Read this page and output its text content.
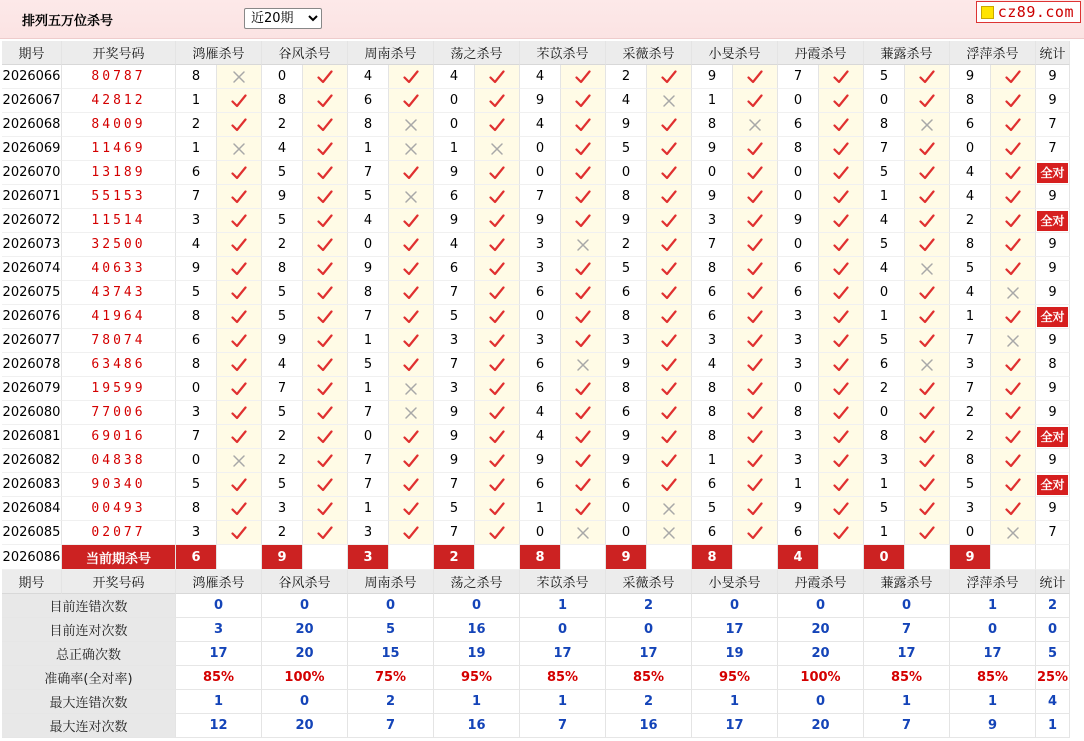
排列五万位杀号
近20期
cz89.com
期号	开奖号码	鸿雁杀号		谷风杀号		周南杀号		荡之杀号		芣苡杀号		采薇杀号		小旻杀号		丹霞杀号		蒹露杀号		浮萍杀号		统计
2026066	80787	8		0		4		4		4		2		9		7		5		9		9
2026067	42812	1		8		6		0		9		4		1		0		0		8		9
2026068	84009	2		2		8		0		4		9		8		6		8		6		7
2026069	11469	1		4		1		1		0		5		9		8		7		0		7
2026070	13189	6		5		7		9		0		0		0		0		5		4		全对
2026071	55153	7		9		5		6		7		8		9		0		1		4		9
2026072	11514	3		5		4		9		9		9		3		9		4		2		全对
2026073	32500	4		2		0		4		3		2		7		0		5		8		9
2026074	40633	9		8		9		6		3		5		8		6		4		5		9
2026075	43743	5		5		8		7		6		6		6		6		0		4		9
2026076	41964	8		5		7		5		0		8		6		3		1		1		全对
2026077	78074	6		9		1		3		3		3		3		3		5		7		9
2026078	63486	8		4		5		7		6		9		4		3		6		3		8
2026079	19599	0		7		1		3		6		8		8		0		2		7		9
2026080	77006	3		5		7		9		4		6		8		8		0		2		9
2026081	69016	7		2		0		9		4		9		8		3		8		2		全对
2026082	04838	0		2		7		9		9		9		1		3		3		8		9
2026083	90340	5		5		7		7		6		6		6		1		1		5		全对
2026084	00493	8		3		1		5		1		0		5		9		5		3		9
2026085	02077	3		2		3		7		0		0		6		6		1		0		7
2026086	当前期杀号	6		9		3		2		8		9		8		4		0		9		
期号	开奖号码	鸿雁杀号		谷风杀号		周南杀号		荡之杀号		芣苡杀号		采薇杀号		小旻杀号		丹霞杀号		蒹露杀号		浮萍杀号		统计
目前连错次数		0		0		0		0		1		2		0		0		0		1		2
目前连对次数		3		20		5		16		0		0		17		20		7		0		0
总正确次数		17		20		15		19		17		17		19		20		17		17		5
准确率(全对率)		85%		100%		75%		95%		85%		85%		95%		100%		85%		85%		25%
最大连错次数		1		0		2		1		1		2		1		0		1		1		4
最大连对次数		12		20		7		16		7		16		17		20		7		9		1
